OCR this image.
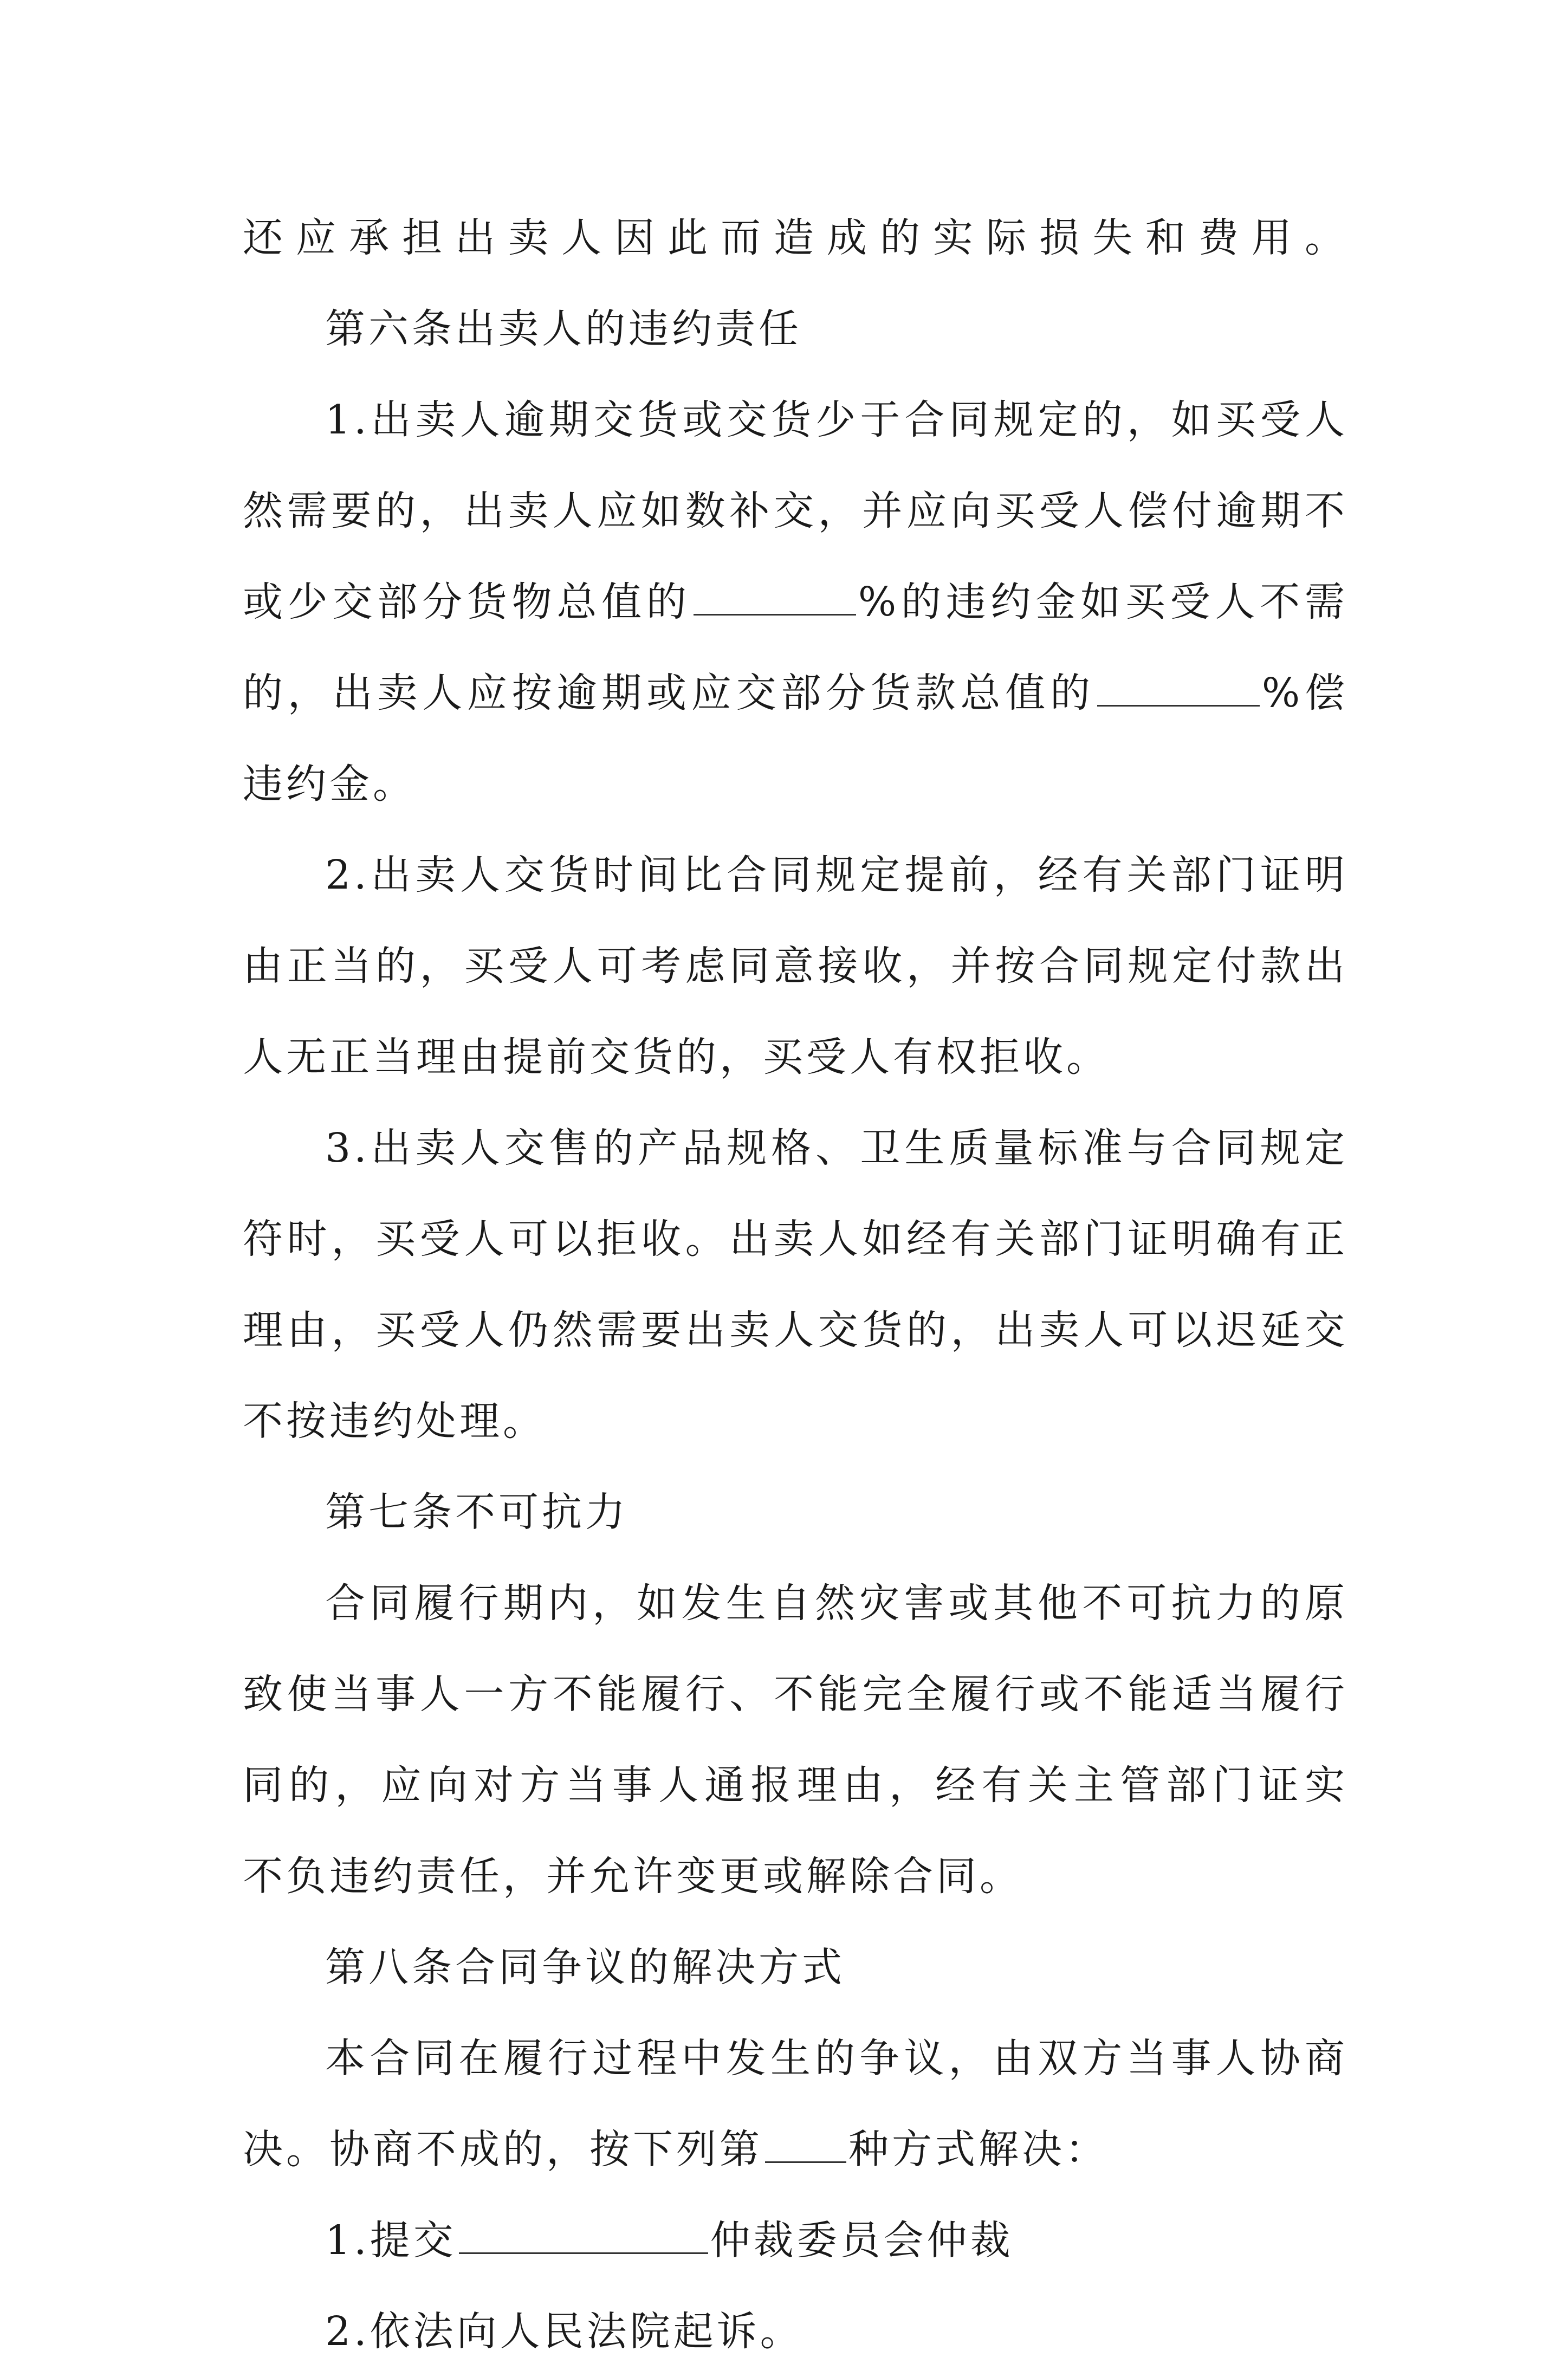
还应承担出卖人因此而造成的实际损失和费用。
第六条出卖人的违约责任
1.出卖人逾期交货或交货少于合同规定的，如买受人
然需要的，出卖人应如数补交，并应向买受人偿付逾期不
或少交部分货物总值的	%的违约金如买受人不需
的，出卖人应按逾期或应交部分货款总值的	%偿
违约金。
2.出卖人交货时间比合同规定提前，经有关部门证明
由正当的，买受人可考虑同意接收，并按合同规定付款出
人无正当理由提前交货的，买受人有权拒收。
3.出卖人交售的产品规格、卫生质量标准与合同规定
符时，买受人可以拒收。出卖人如经有关部门证明确有正
理由，买受人仍然需要出卖人交货的，出卖人可以迟延交
不按违约处理。
第七条不可抗力
合同履行期内，如发生自然灾害或其他不可抗力的原
致使当事人一方不能履行、不能完全履行或不能适当履行
同的，应向对方当事人通报理由，经有关主管部门证实
不负违约责任，并允许变更或解除合同。
第八条合同争议的解决方式
本合同在履行过程中发生的争议，由双方当事人协商
决。协商不成的，按下列第 种方式解决：
1.提交	仲裁委员会仲裁
2.依法向人民法院起诉。
